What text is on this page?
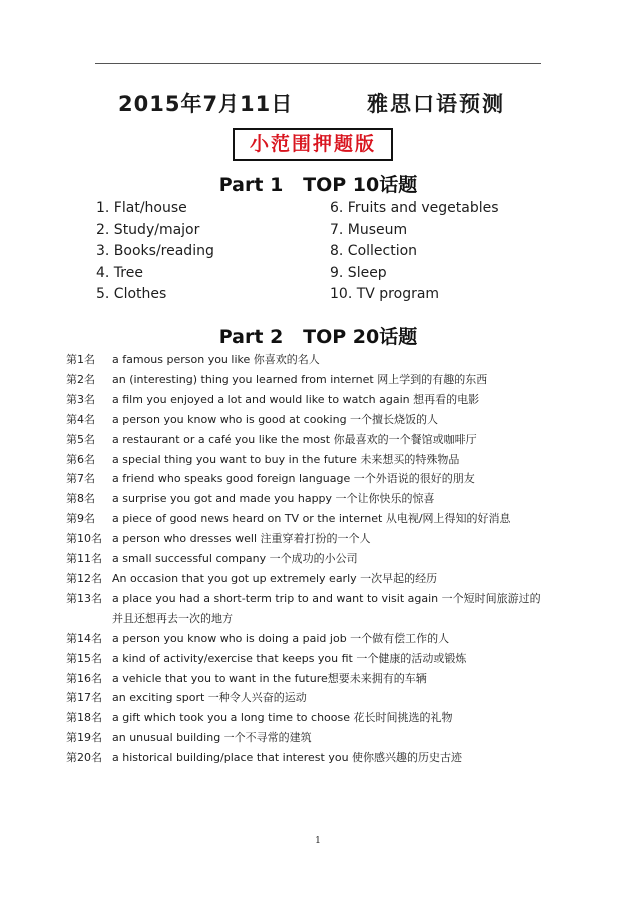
2015年7月11日	雅思口语预测
小范围押题版
Part 1   TOP 10话题
1. Flat/house
2. Study/major
3. Books/reading
4. Tree
5. Clothes
6. Fruits and vegetables
7. Museum
8. Collection
9. Sleep
10. TV program
Part 2   TOP 20话题
第1名	a famous person you like 你喜欢的名人
第2名	an (interesting) thing you learned from internet 网上学到的有趣的东西
第3名	a film you enjoyed a lot and would like to watch again 想再看的电影
第4名	a person you know who is good at cooking 一个擅长烧饭的人
第5名	a restaurant or a café you like the most 你最喜欢的一个餐馆或咖啡厅
第6名	a special thing you want to buy in the future 未来想买的特殊物品
第7名	a friend who speaks good foreign language 一个外语说的很好的朋友
第8名	a surprise you got and made you happy 一个让你快乐的惊喜
第9名	a piece of good news heard on TV or the internet 从电视/网上得知的好消息
第10名 a person who dresses well 注重穿着打扮的一个人
第11名 a small successful company 一个成功的小公司
第12名 An occasion that you got up extremely early 一次早起的经历
第13名 a place you had a short-term trip to and want to visit again 一个短时间旅游过的并且还想再去一次的地方
第14名 a person you know who is doing a paid job 一个做有偿工作的人
第15名 a kind of activity/exercise that keeps you fit 一个健康的活动或锻炼
第16名 a vehicle that you to want in the future想要未来拥有的车辆
第17名 an exciting sport 一种令人兴奋的运动
第18名 a gift which took you a long time to choose 花长时间挑选的礼物
第19名 an unusual building 一个不寻常的建筑
第20名 a historical building/place that interest you 使你感兴趣的历史古迹
1
